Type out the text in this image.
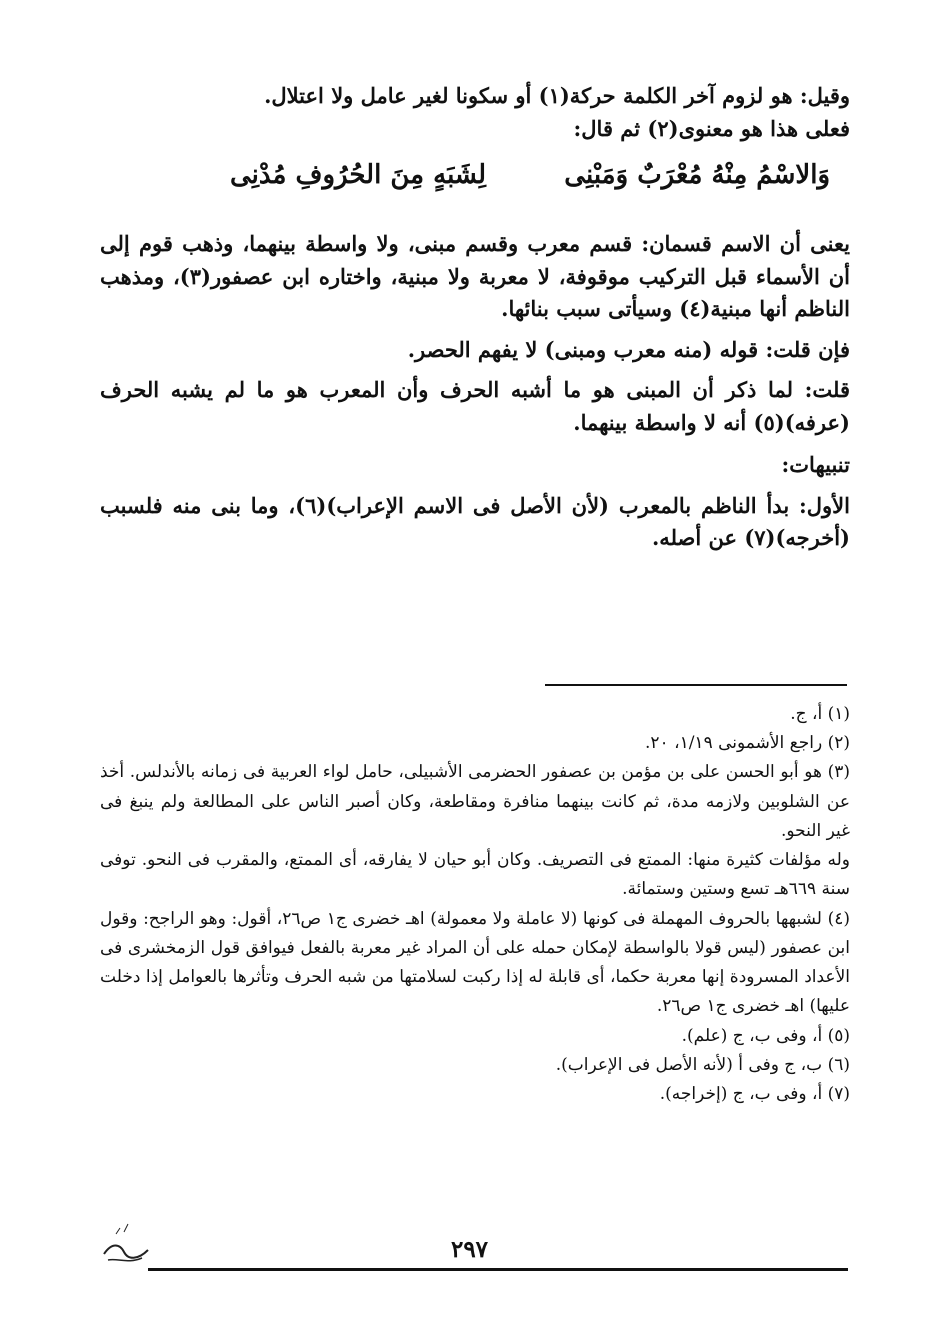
وقيل: هو لزوم آخر الكلمة حركة(١) أو سكونا لغير عامل ولا اعتلال.

فعلى هذا هو معنوى(٢) ثم قال:

وَالاسْمُ مِنْهُ مُعْرَبٌ وَمَبْنِى
لِشَبَهٍ مِنَ الحُرُوفِ مُدْنِى

يعنى أن الاسم قسمان: قسم معرب وقسم مبنى، ولا واسطة بينهما، وذهب قوم إلى أن الأسماء قبل التركيب موقوفة، لا معربة ولا مبنية، واختاره ابن عصفور(٣)، ومذهب الناظم أنها مبنية(٤) وسيأتى سبب بنائها.

فإن قلت: قوله (منه معرب ومبنى) لا يفهم الحصر.

قلت: لما ذكر أن المبنى هو ما أشبه الحرف وأن المعرب هو ما لم يشبه الحرف (عرفه)(٥) أنه لا واسطة بينهما.

تنبيهات:

الأول: بدأ الناظم بالمعرب (لأن الأصل فى الاسم الإعراب)(٦)، وما بنى منه فلسبب (أخرجه)(٧) عن أصله.

(١) أ، ج.

(٢) راجع الأشمونى ١/١٩، ٢٠.

(٣) هو أبو الحسن على بن مؤمن بن عصفور الحضرمى الأشبيلى، حامل لواء العربية فى زمانه بالأندلس. أخذ عن الشلوبين ولازمه مدة، ثم كانت بينهما منافرة ومقاطعة، وكان أصبر الناس على المطالعة ولم ينبغ فى غير النحو.

وله مؤلفات كثيرة منها: الممتع فى التصريف. وكان أبو حيان لا يفارقه، أى الممتع، والمقرب فى النحو. توفى سنة ٦٦٩هـ تسع وستين وستمائة.

(٤) لشبهها بالحروف المهملة فى كونها (لا عاملة ولا معمولة) اهـ خضرى ج١ ص٢٦، أقول: وهو الراجح: وقول ابن عصفور (ليس قولا بالواسطة لإمكان حمله على أن المراد غير معربة بالفعل فيوافق قول الزمخشرى فى الأعداد المسرودة إنها معربة حكما، أى قابلة له إذا ركبت لسلامتها من شبه الحرف وتأثرها بالعوامل إذا دخلت عليها) اهـ خضرى ج١ ص٢٦.

(٥) أ، وفى ب، ج (علم).

(٦) ب، ج وفى أ (لأنه الأصل فى الإعراب).

(٧) أ، وفى ب، ج (إخراجه).

٢٩٧
